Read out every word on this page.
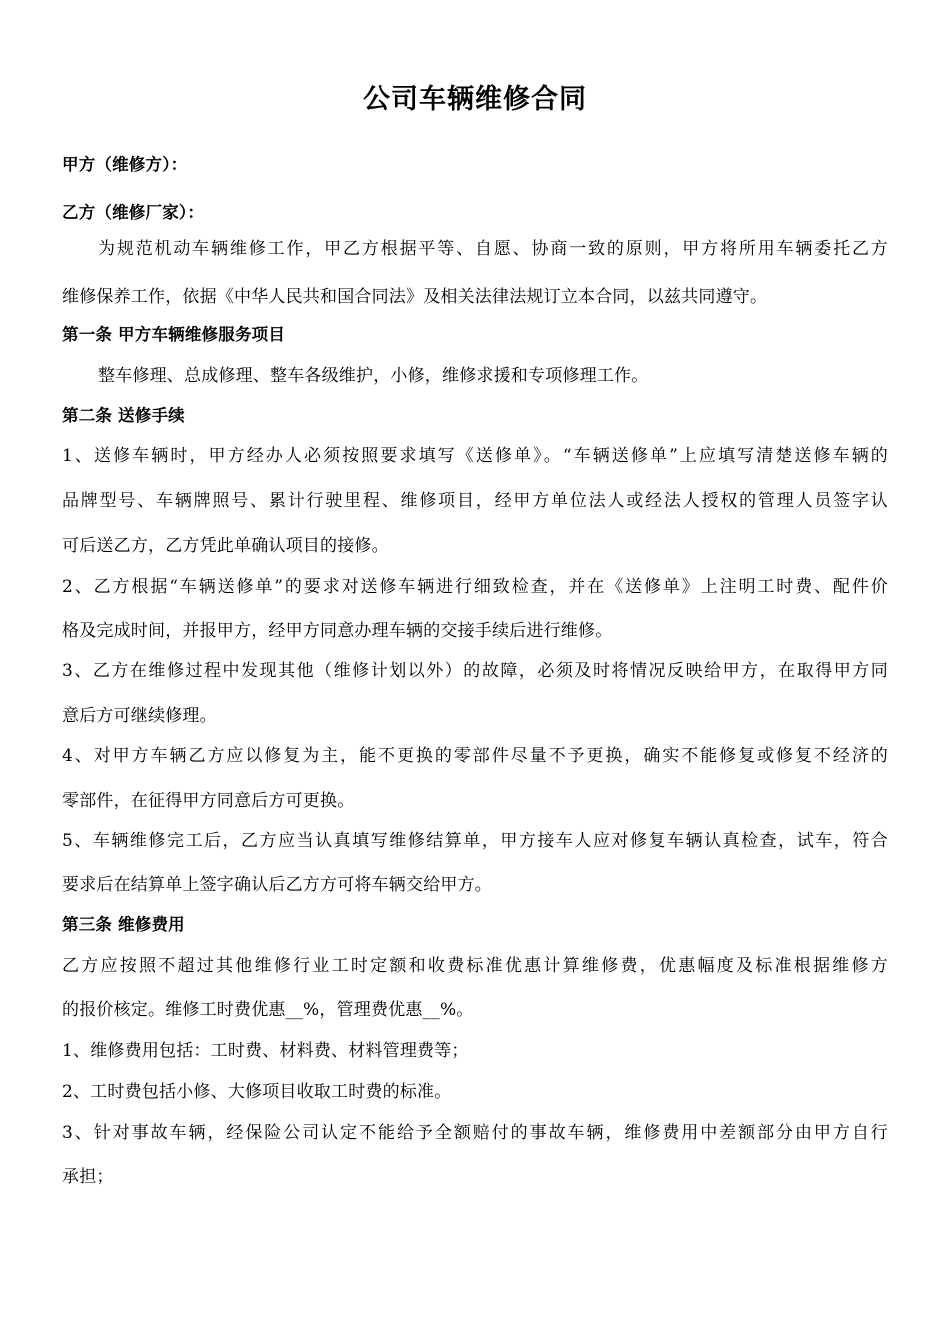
公司车辆维修合同
甲方（维修方）：
乙方（维修厂家）：
为规范机动车辆维修工作，甲乙方根据平等、自愿、协商一致的原则，甲方将所用车辆委托乙方
维修保养工作，依据《中华人民共和国合同法》及相关法律法规订立本合同，以兹共同遵守。
第一条 甲方车辆维修服务项目
整车修理、总成修理、整车各级维护，小修，维修求援和专项修理工作。
第二条 送修手续
1、送修车辆时，甲方经办人必须按照要求填写《送修单》。“车辆送修单”上应填写清楚送修车辆的
品牌型号、车辆牌照号、累计行驶里程、维修项目，经甲方单位法人或经法人授权的管理人员签字认
可后送乙方，乙方凭此单确认项目的接修。
2、乙方根据“车辆送修单”的要求对送修车辆进行细致检查，并在《送修单》上注明工时费、配件价
格及完成时间，并报甲方，经甲方同意办理车辆的交接手续后进行维修。
3、乙方在维修过程中发现其他（维修计划以外）的故障，必须及时将情况反映给甲方，在取得甲方同
意后方可继续修理。
4、对甲方车辆乙方应以修复为主，能不更换的零部件尽量不予更换，确实不能修复或修复不经济的
零部件，在征得甲方同意后方可更换。
5、车辆维修完工后，乙方应当认真填写维修结算单，甲方接车人应对修复车辆认真检查，试车，符合
要求后在结算单上签字确认后乙方方可将车辆交给甲方。
第三条 维修费用
乙方应按照不超过其他维修行业工时定额和收费标准优惠计算维修费，优惠幅度及标准根据维修方
的报价核定。维修工时费优惠__%，管理费优惠__%。
1、维修费用包括：工时费、材料费、材料管理费等；
2、工时费包括小修、大修项目收取工时费的标准。
3、针对事故车辆，经保险公司认定不能给予全额赔付的事故车辆，维修费用中差额部分由甲方自行
承担；
